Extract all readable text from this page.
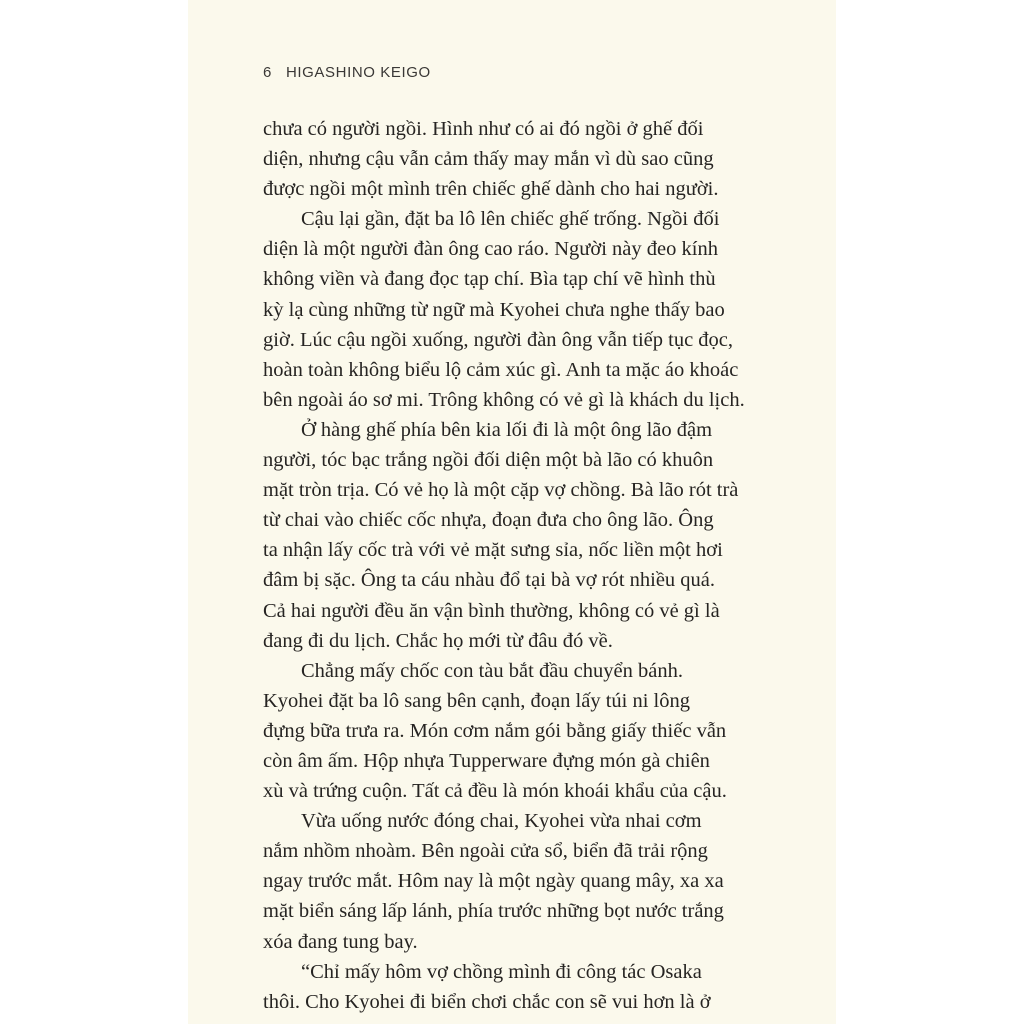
6 HIGASHINO KEIGO
chưa có người ngồi. Hình như có ai đó ngồi ở ghế đối
diện, nhưng cậu vẫn cảm thấy may mắn vì dù sao cũng
được ngồi một mình trên chiếc ghế dành cho hai người.
Cậu lại gần, đặt ba lô lên chiếc ghế trống. Ngồi đối
diện là một người đàn ông cao ráo. Người này đeo kính
không viền và đang đọc tạp chí. Bìa tạp chí vẽ hình thù
kỳ lạ cùng những từ ngữ mà Kyohei chưa nghe thấy bao
giờ. Lúc cậu ngồi xuống, người đàn ông vẫn tiếp tục đọc,
hoàn toàn không biểu lộ cảm xúc gì. Anh ta mặc áo khoác
bên ngoài áo sơ mi. Trông không có vẻ gì là khách du lịch.
Ở hàng ghế phía bên kia lối đi là một ông lão đậm
người, tóc bạc trắng ngồi đối diện một bà lão có khuôn
mặt tròn trịa. Có vẻ họ là một cặp vợ chồng. Bà lão rót trà
từ chai vào chiếc cốc nhựa, đoạn đưa cho ông lão. Ông
ta nhận lấy cốc trà với vẻ mặt sưng sỉa, nốc liền một hơi
đâm bị sặc. Ông ta cáu nhàu đổ tại bà vợ rót nhiều quá.
Cả hai người đều ăn vận bình thường, không có vẻ gì là
đang đi du lịch. Chắc họ mới từ đâu đó về.
Chẳng mấy chốc con tàu bắt đầu chuyển bánh.
Kyohei đặt ba lô sang bên cạnh, đoạn lấy túi ni lông
đựng bữa trưa ra. Món cơm nắm gói bằng giấy thiếc vẫn
còn âm ấm. Hộp nhựa Tupperware đựng món gà chiên
xù và trứng cuộn. Tất cả đều là món khoái khẩu của cậu.
Vừa uống nước đóng chai, Kyohei vừa nhai cơm
nắm nhồm nhoàm. Bên ngoài cửa sổ, biển đã trải rộng
ngay trước mắt. Hôm nay là một ngày quang mây, xa xa
mặt biển sáng lấp lánh, phía trước những bọt nước trắng
xóa đang tung bay.
“Chỉ mấy hôm vợ chồng mình đi công tác Osaka
thôi. Cho Kyohei đi biển chơi chắc con sẽ vui hơn là ở
